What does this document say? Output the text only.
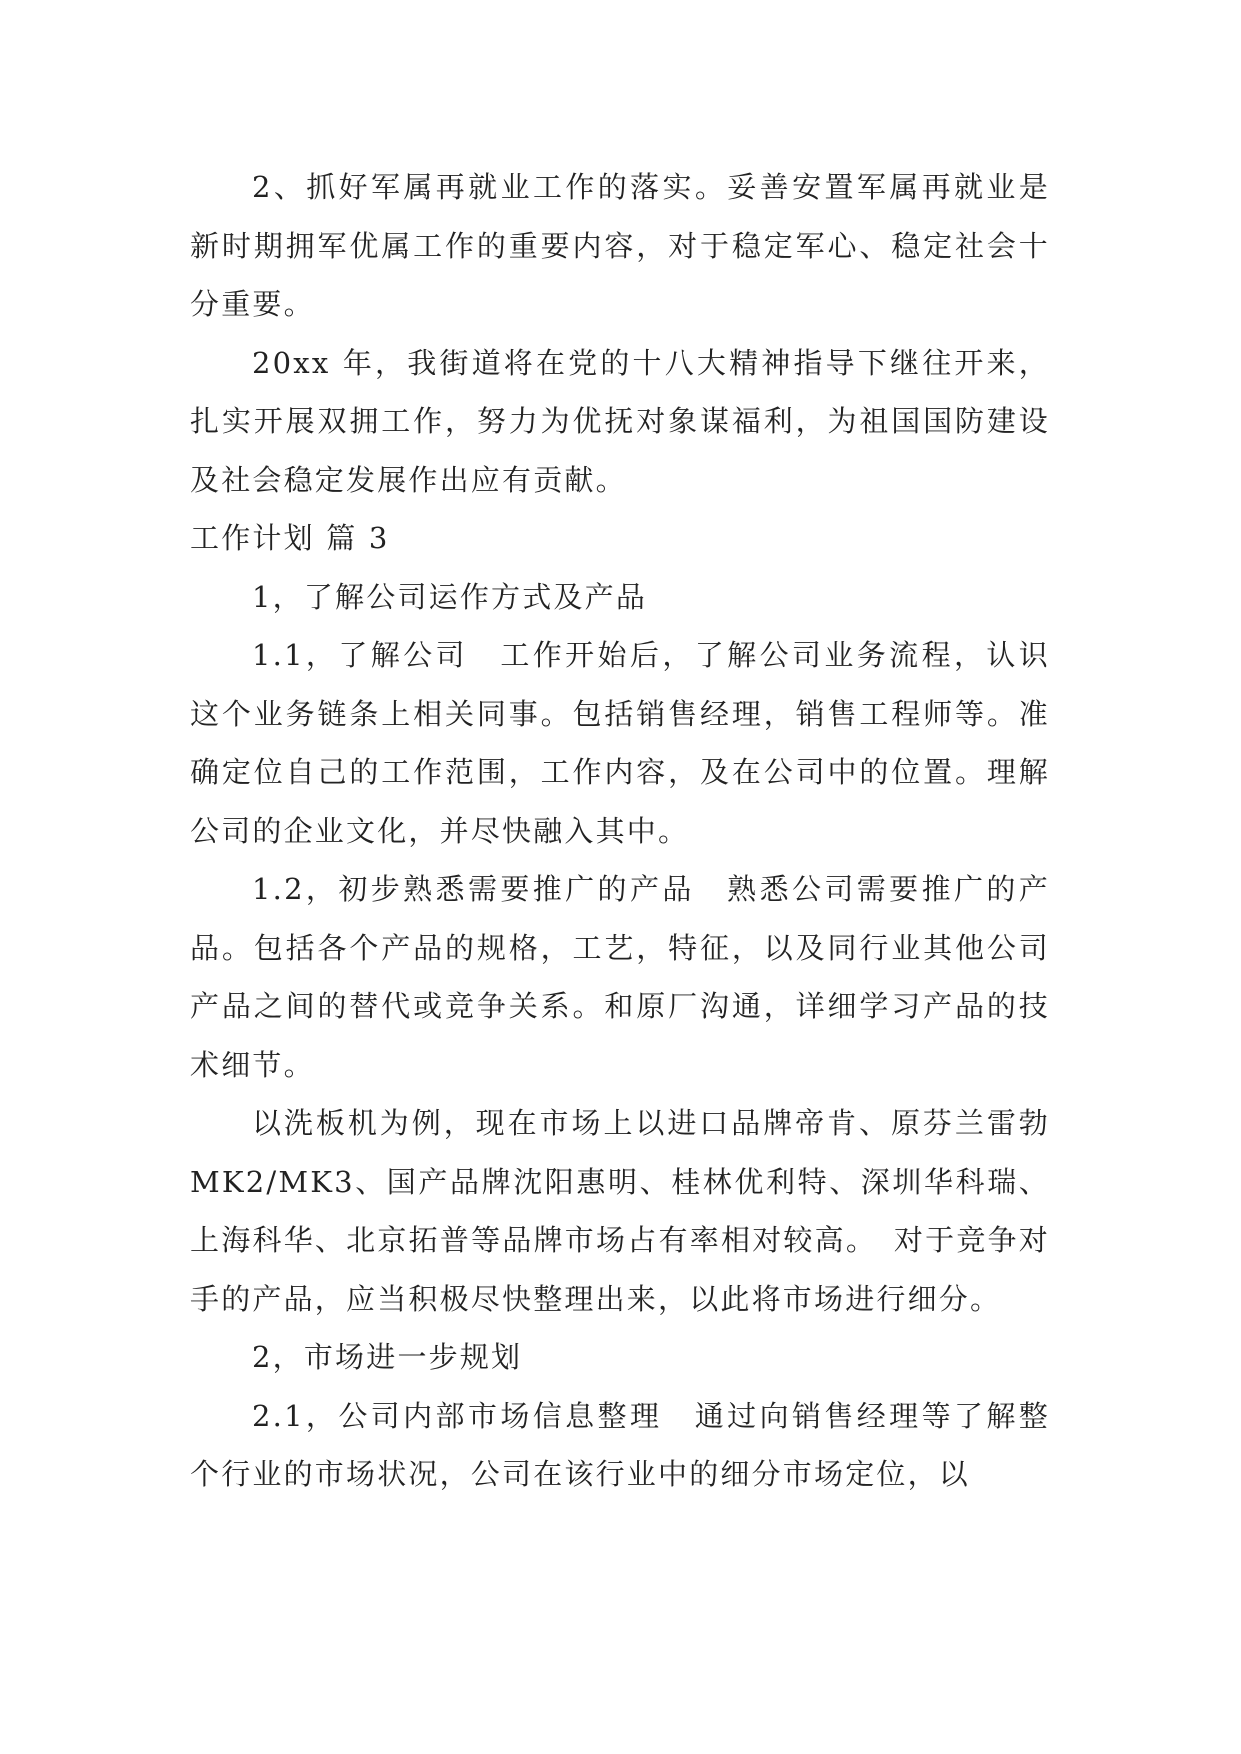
2、抓好军属再就业工作的落实。妥善安置军属再就业是新时期拥军优属工作的重要内容，对于稳定军心、稳定社会十分重要。

20xx 年，我街道将在党的十八大精神指导下继往开来，扎实开展双拥工作，努力为优抚对象谋福利，为祖国国防建设及社会稳定发展作出应有贡献。

工作计划 篇 3

1，了解公司运作方式及产品

1.1，了解公司　工作开始后，了解公司业务流程，认识这个业务链条上相关同事。包括销售经理，销售工程师等。准确定位自己的工作范围，工作内容，及在公司中的位置。理解公司的企业文化，并尽快融入其中。

1.2，初步熟悉需要推广的产品　熟悉公司需要推广的产品。包括各个产品的规格，工艺，特征，以及同行业其他公司产品之间的替代或竞争关系。和原厂沟通，详细学习产品的技术细节。

以洗板机为例，现在市场上以进口品牌帝肯、原芬兰雷勃 MK2/MK3、国产品牌沈阳惠明、桂林优利特、深圳华科瑞、上海科华、北京拓普等品牌市场占有率相对较高。　对于竞争对手的产品，应当积极尽快整理出来，以此将市场进行细分。

2，市场进一步规划

2.1，公司内部市场信息整理　通过向销售经理等了解整个行业的市场状况，公司在该行业中的细分市场定位，以
